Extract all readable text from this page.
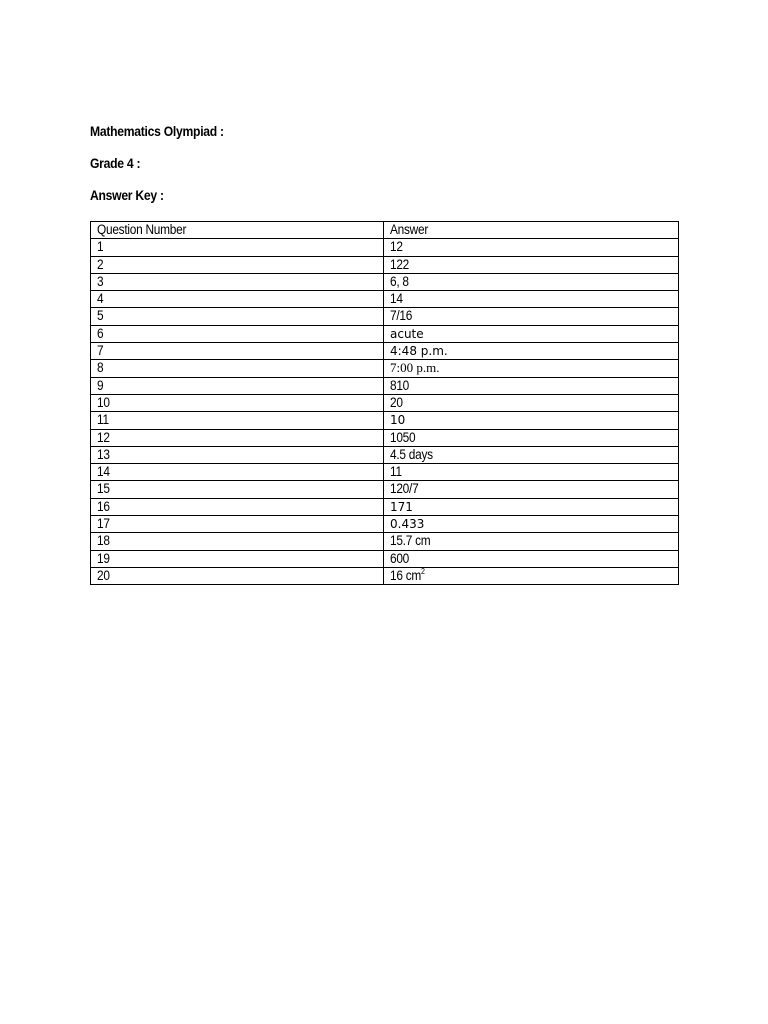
Mathematics Olympiad :
Grade 4 :
Answer Key :
Question Number	Answer
1	12
2	122
3	6, 8
4	14
5	7/16
6	acute
7	4:48 p.m.
8	7:00 p.m.
9	810
10	20
11	10
12	1050
13	4.5 days
14	11
15	120/7
16	171
17	0.433
18	15.7 cm
19	600
20	16 $cm^2$
